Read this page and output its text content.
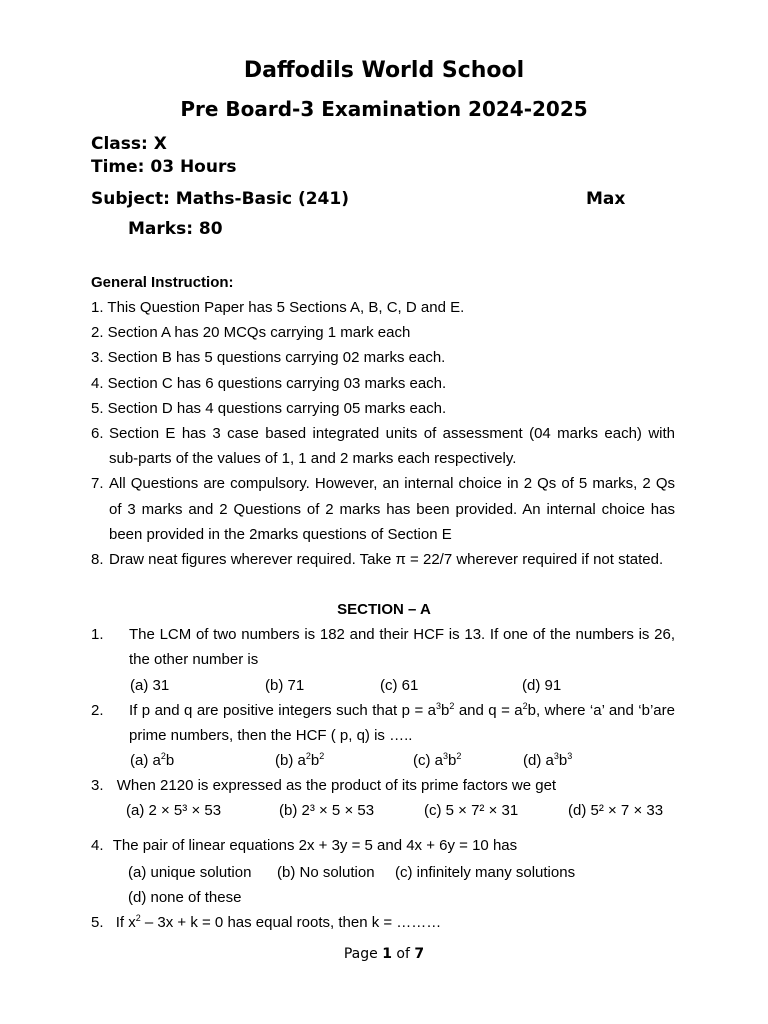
Daffodils World School
Pre Board-3 Examination 2024-2025
Class: X
Time: 03 Hours
Subject: Maths-Basic (241)	Max
Marks: 80
General Instruction:
1. This Question Paper has 5 Sections A, B, C, D and E.
2. Section A has 20 MCQs carrying 1 mark each
3. Section B has 5 questions carrying 02 marks each.
4. Section C has 6 questions carrying 03 marks each.
5. Section D has 4 questions carrying 05 marks each.
6. Section E has 3 case based integrated units of assessment (04 marks each) with sub-parts of the values of 1, 1 and 2 marks each respectively.
7. All Questions are compulsory. However, an internal choice in 2 Qs of 5 marks, 2 Qs of 3 marks and 2 Questions of 2 marks has been provided. An internal choice has been provided in the 2marks questions of Section E
8. Draw neat figures wherever required. Take π = 22/7 wherever required if not stated.
SECTION – A
1.	The LCM of two numbers is 182 and their HCF is 13. If one of the numbers is 26, the other number is
(a) 31	(b) 71	(c) 61	(d) 91
2.	If p and q are positive integers such that $p = a^3b^2$ and $q = a^2b$, where ‘a’ and ‘b’are prime numbers, then the HCF ( p, q) is …..
(a) $a^2b$	(b) $a^2b^2$	(c) $a^3b^2$	(d) $a^3b^3$
3. When 2120 is expressed as the product of its prime factors we get
(a) 2 × 5³ × 53	(b) 2³ × 5 × 53	(c) 5 × 7² × 31	(d) 5² × 7 × 33
4. The pair of linear equations 2x + 3y = 5 and 4x + 6y = 10 has
(a) unique solution (b) No solution (c) infinitely many solutions
(d) none of these
5. If $x^2 - 3x + k = 0$ has equal roots, then k = ………
Page 1 of 7
